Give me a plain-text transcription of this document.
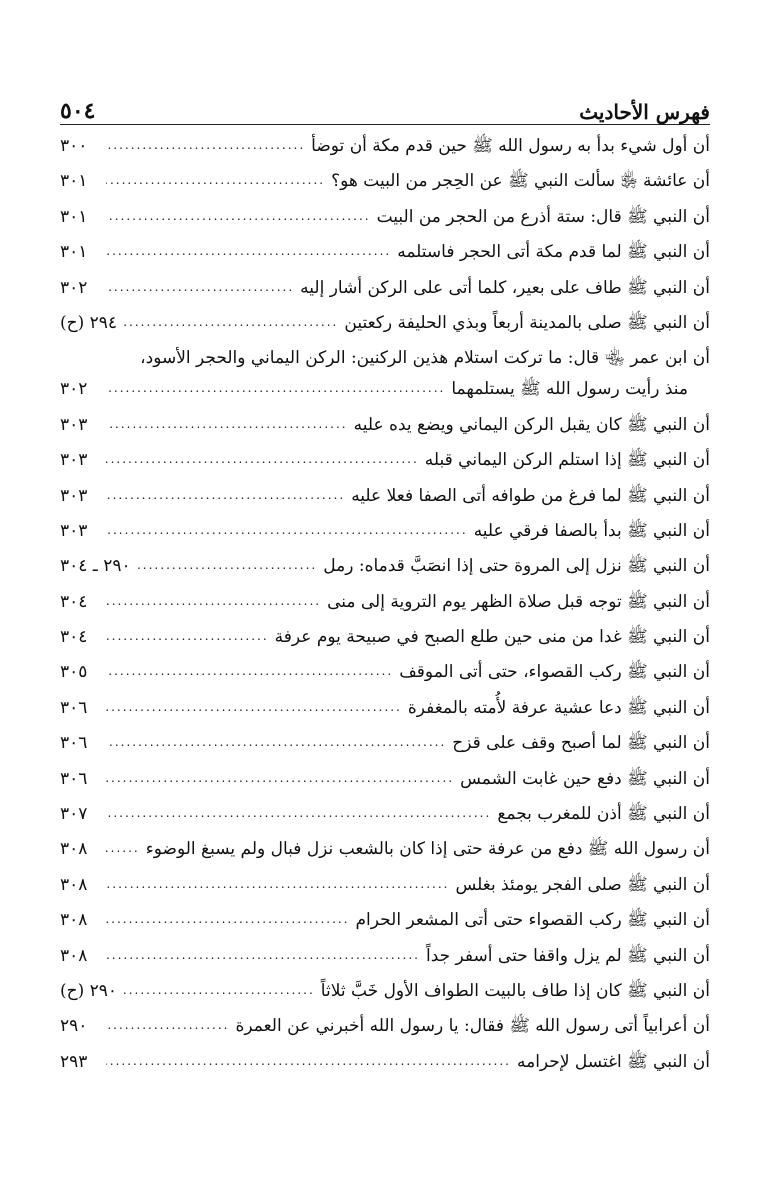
فهرس الأحاديث
٥٠٤
أن أول شيء بدأ به رسول الله ﷺ حين قدم مكة أن توضأ
.....
٣٠٠
أن عائشة ﵂ سألت النبي ﷺ عن الحِجر من البيت هو؟
.....
٣٠١
أن النبي ﷺ قال: ستة أذرع من الحجر من البيت
.....
٣٠١
أن النبي ﷺ لما قدم مكة أتى الحجر فاستلمه
.....
٣٠١
أن النبي ﷺ طاف على بعير، كلما أتى على الركن أشار إليه
.....
٣٠٢
أن النبي ﷺ صلى بالمدينة أربعاً وبذي الحليفة ركعتين
.....
٢٩٤ (ح)
أن ابن عمر ﵄ قال: ما تركت استلام هذين الركنين: الركن اليماني والحجر الأسود،
منذ رأيت رسول الله ﷺ يستلمهما
.....
٣٠٢
أن النبي ﷺ كان يقبل الركن اليماني ويضع يده عليه
.....
٣٠٣
أن النبي ﷺ إذا استلم الركن اليماني قبله
.....
٣٠٣
أن النبي ﷺ لما فرغ من طوافه أتى الصفا فعلا عليه
.....
٣٠٣
أن النبي ﷺ بدأ بالصفا فرقي عليه
.....
٣٠٣
أن النبي ﷺ نزل إلى المروة حتى إذا انصَبَّ قدماه: رمل
.....
٢٩٠ ـ ٣٠٤
أن النبي ﷺ توجه قبل صلاة الظهر يوم التروية إلى منى
.....
٣٠٤
أن النبي ﷺ غدا من منى حين طلع الصبح في صبيحة يوم عرفة
.....
٣٠٤
أن النبي ﷺ ركب القصواء، حتى أتى الموقف
.....
٣٠٥
أن النبي ﷺ دعا عشية عرفة لأُمته بالمغفرة
.....
٣٠٦
أن النبي ﷺ لما أصبح وقف على قزح
.....
٣٠٦
أن النبي ﷺ دفع حين غابت الشمس
.....
٣٠٦
أن النبي ﷺ أذن للمغرب بجمع
.....
٣٠٧
أن رسول الله ﷺ دفع من عرفة حتى إذا كان بالشعب نزل فبال ولم يسبغ الوضوء
.....
٣٠٨
أن النبي ﷺ صلى الفجر يومئذ بغلس
.....
٣٠٨
أن النبي ﷺ ركب القصواء حتى أتى المشعر الحرام
.....
٣٠٨
أن النبي ﷺ لم يزل واقفا حتى أسفر جداً
.....
٣٠٨
أن النبي ﷺ كان إذا طاف بالبيت الطواف الأول خَبَّ ثلاثاً
.....
٢٩٠ (ح)
أن أعرابياً أتى رسول الله ﷺ فقال: يا رسول الله أخبرني عن العمرة
.....
٢٩٠
أن النبي ﷺ اغتسل لإحرامه
.....
٢٩٣
